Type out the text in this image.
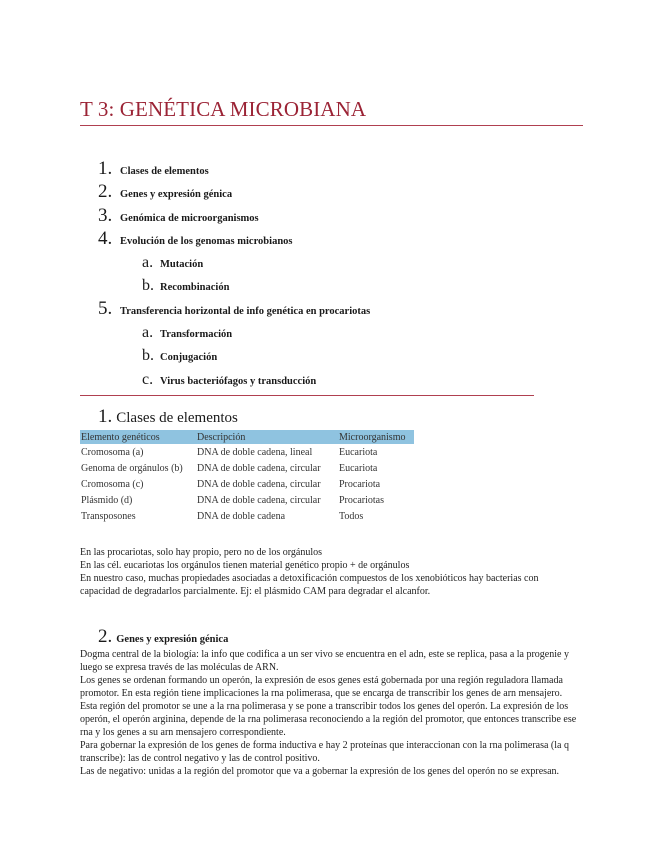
T 3: GENÉTICA MICROBIANA
1. Clases de elementos
2. Genes y expresión génica
3. Genómica de microorganismos
4. Evolución de los genomas microbianos
a. Mutación
b. Recombinación
5. Transferencia horizontal de info genética en procariotas
a. Transformación
b. Conjugación
c. Virus bacteriófagos y transducción
1. Clases de elementos
Elemento genéticos	Descripción	Microorganismo
Cromosoma (a)	DNA de doble cadena, lineal	Eucariota
Genoma de orgánulos (b)	DNA de doble cadena, circular	Eucariota
Cromosoma (c)	DNA de doble cadena, circular	Procariota
Plásmido (d)	DNA de doble cadena, circular	Procariotas
Transposones	DNA de doble cadena	Todos

En las procariotas, solo hay propio, pero no de los orgánulos

En las cél. eucariotas los orgánulos tienen material genético propio + de orgánulos

En nuestro caso, muchas propiedades asociadas a detoxificación compuestos de los xenobióticos hay bacterias con capacidad de degradarlos parcialmente. Ej: el plásmido CAM para degradar el alcanfor.

2. Genes y expresión génica

Dogma central de la biología: la info que codifica a un ser vivo se encuentra en el adn, este se replica, pasa a la progenie y luego se expresa través de las moléculas de ARN.

Los genes se ordenan formando un operón, la expresión de esos genes está gobernada por una región reguladora llamada promotor. En esta región tiene implicaciones la rna polimerasa, que se encarga de transcribir los genes de arn mensajero. Esta región del promotor se une a la rna polimerasa y se pone a transcribir todos los genes del operón. La expresión de los operón, el operón arginina, depende de la rna polimerasa reconociendo a la región del promotor, que entonces transcribe ese rna y los genes a su arn mensajero correspondiente.

Para gobernar la expresión de los genes de forma inductiva e hay 2 proteínas que interaccionan con la rna polimerasa (la q transcribe): las de control negativo y las de control positivo.

Las de negativo: unidas a la región del promotor que va a gobernar la expresión de los genes del operón no se expresan.
